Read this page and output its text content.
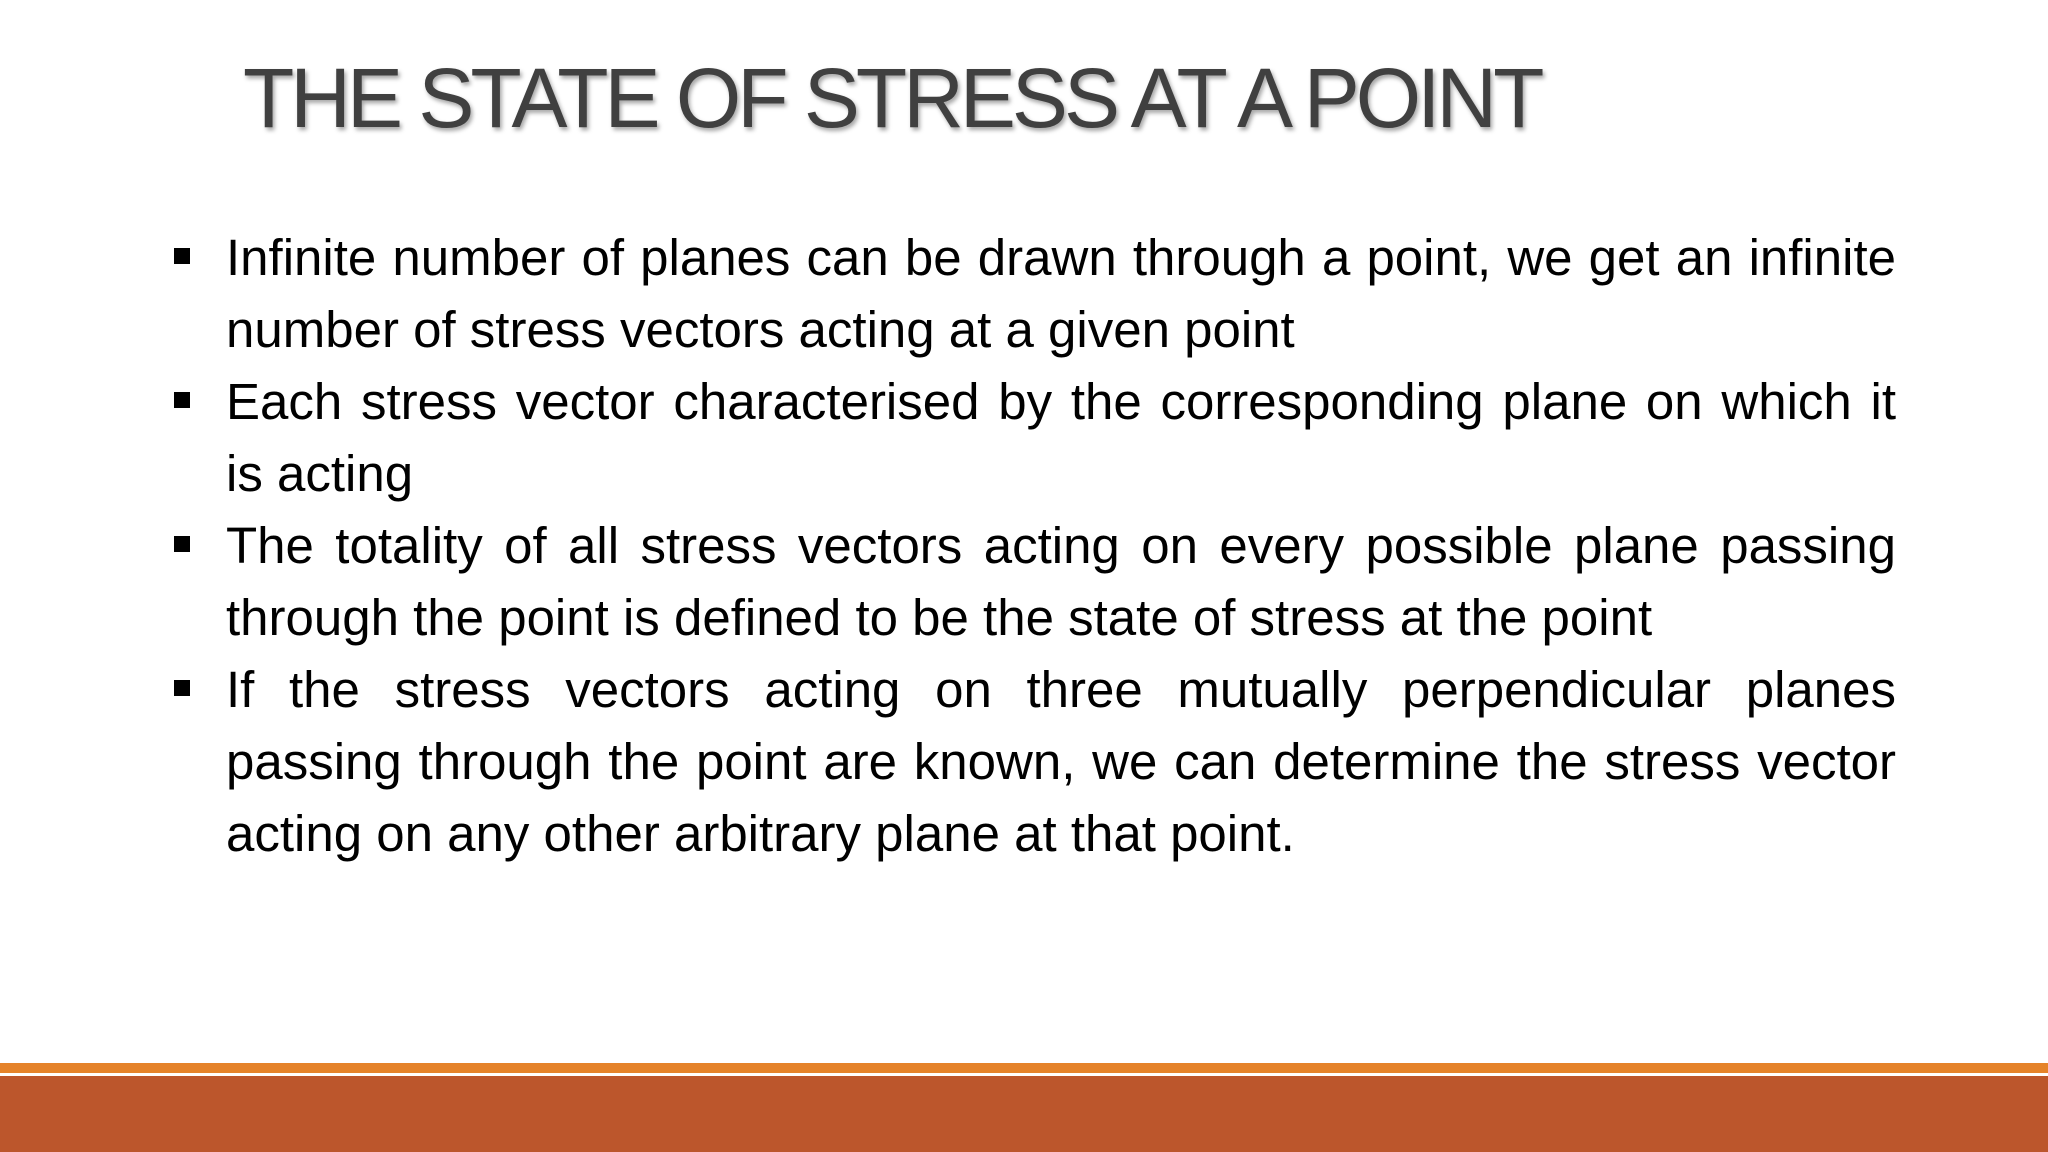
THE STATE OF STRESS AT A POINT
Infinite number of planes can be drawn through a point, we get an infinite number of stress vectors acting at a given point
Each stress vector characterised by the corresponding plane on which it is acting
The totality of all stress vectors acting on every possible plane passing through the point is defined to be the state of stress at the point
If the stress vectors acting on three mutually perpendicular planes passing through the point are known, we can determine the stress vector acting on any other arbitrary plane at that point.
